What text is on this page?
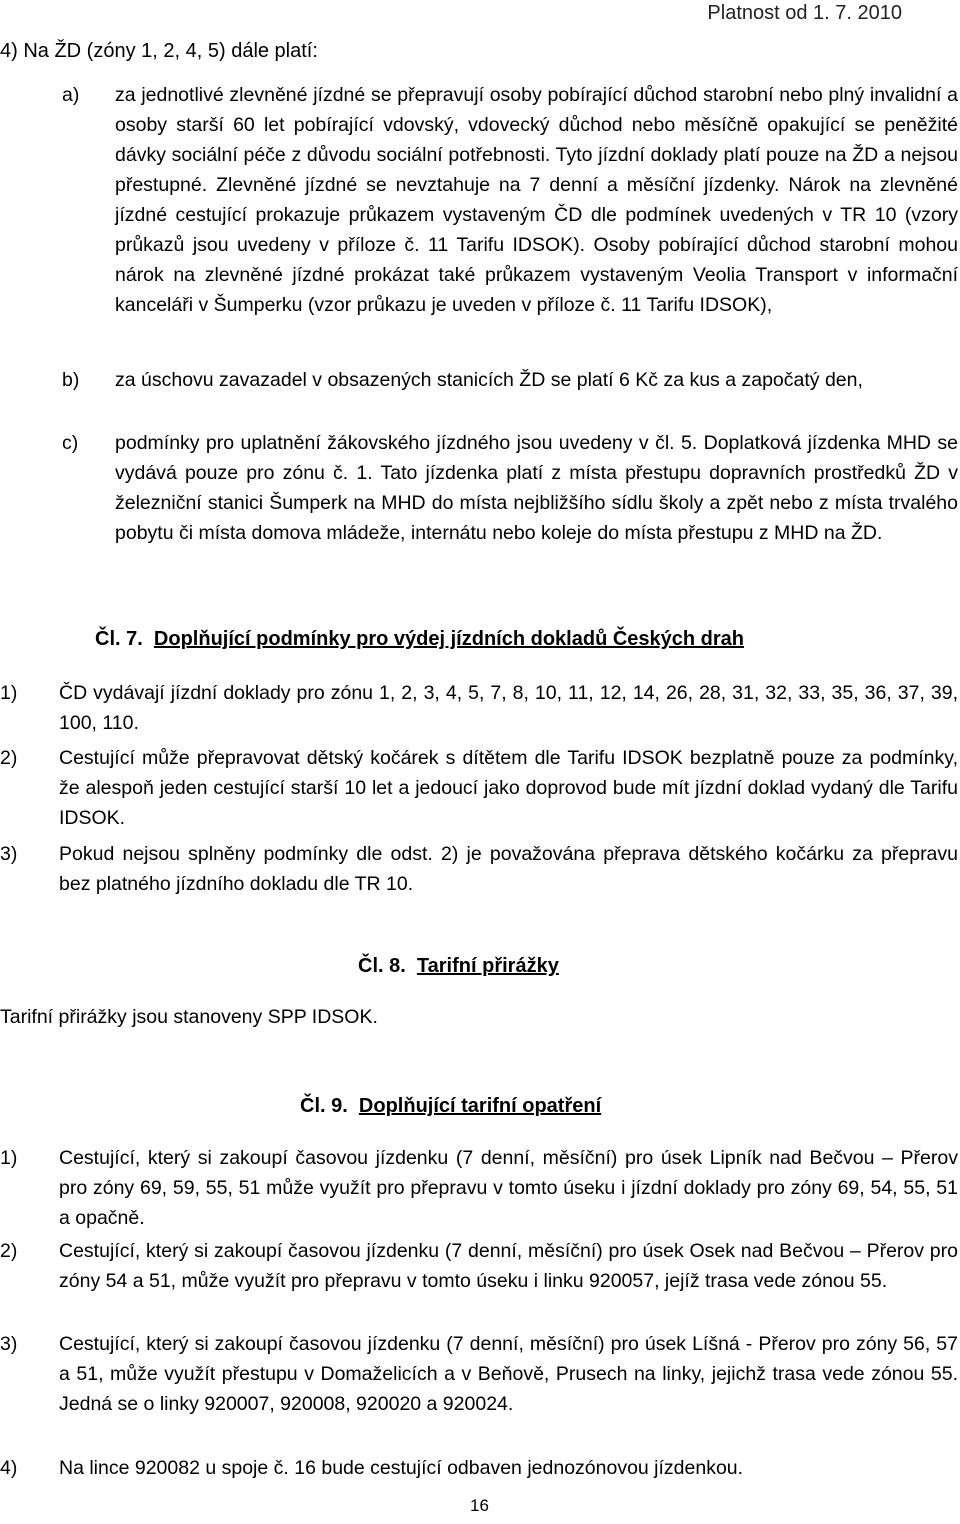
Platnost od 1. 7. 2010
4) Na ŽD (zóny 1, 2, 4, 5) dále platí:
a) za jednotlivé zlevněné jízdné se přepravují osoby pobírající důchod starobní nebo plný invalidní a osoby starší 60 let pobírající vdovský, vdovecký důchod nebo měsíčně opakující se peněžité dávky sociální péče z důvodu sociální potřebnosti. Tyto jízdní doklady platí pouze na ŽD a nejsou přestupné. Zlevněné jízdné se nevztahuje na 7 denní a měsíční jízdenky. Nárok na zlevněné jízdné cestující prokazuje průkazem vystaveným ČD dle podmínek uvedených v TR 10 (vzory průkazů jsou uvedeny v příloze č. 11 Tarifu IDSOK). Osoby pobírající důchod starobní mohou nárok na zlevněné jízdné prokázat také průkazem vystaveným Veolia Transport v informační kanceláři v Šumperku (vzor průkazu je uveden v příloze č. 11 Tarifu IDSOK),
b) za úschovu zavazadel v obsazených stanicích ŽD se platí 6 Kč za kus a započatý den,
c) podmínky pro uplatnění žákovského jízdného jsou uvedeny v čl. 5. Doplatková jízdenka MHD se vydává pouze pro zónu č. 1. Tato jízdenka platí z místa přestupu dopravních prostředků ŽD v železniční stanici Šumperk na MHD do místa nejbližšího sídlu školy a zpět nebo z místa trvalého pobytu či místa domova mládeže, internátu nebo koleje do místa přestupu z MHD na ŽD.
Čl. 7. Doplňující podmínky pro výdej jízdních dokladů Českých drah
1) ČD vydávají jízdní doklady pro zónu 1, 2, 3, 4, 5, 7, 8, 10, 11, 12, 14, 26, 28, 31, 32, 33, 35, 36, 37, 39, 100, 110.
2) Cestující může přepravovat dětský kočárek s dítětem dle Tarifu IDSOK bezplatně pouze za podmínky, že alespoň jeden cestující starší 10 let a jedoucí jako doprovod bude mít jízdní doklad vydaný dle Tarifu IDSOK.
3) Pokud nejsou splněny podmínky dle odst. 2) je považována přeprava dětského kočárku za přepravu bez platného jízdního dokladu dle TR 10.
Čl. 8. Tarifní přirážky
Tarifní přirážky jsou stanoveny SPP IDSOK.
Čl. 9. Doplňující tarifní opatření
1) Cestující, který si zakoupí časovou jízdenku (7 denní, měsíční) pro úsek Lipník nad Bečvou – Přerov pro zóny 69, 59, 55, 51 může využít pro přepravu v tomto úseku i jízdní doklady pro zóny 69, 54, 55, 51 a opačně.
2) Cestující, který si zakoupí časovou jízdenku (7 denní, měsíční) pro úsek Osek nad Bečvou – Přerov pro zóny 54 a 51, může využít pro přepravu v tomto úseku i linku 920057, jejíž trasa vede zónou 55.
3) Cestující, který si zakoupí časovou jízdenku (7 denní, měsíční) pro úsek Líšná - Přerov pro zóny 56, 57 a 51, může využít přestupu v Domaželicích a v Beňově, Prusech na linky, jejichž trasa vede zónou 55. Jedná se o linky 920007, 920008, 920020 a 920024.
4) Na lince 920082 u spoje č. 16 bude cestující odbaven jednozónovou jízdenkou.
16
